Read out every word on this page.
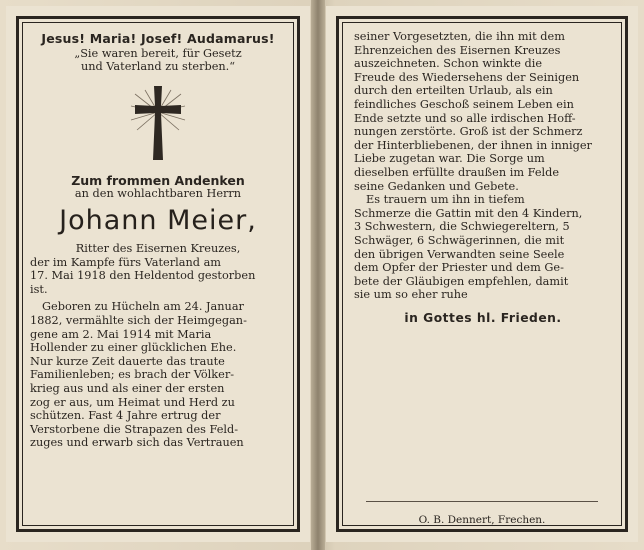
Jesus! Maria! Josef! Audamarus!
„Sie waren bereit, für Gesetz
und Vaterland zu sterben.“
Zum frommen Andenken
an den wohlachtbaren Herrn
Johann Meier,
Ritter des Eisernen Kreuzes,
der im Kampfe fürs Vaterland am
17. Mai 1918 den Heldentod gestorben
ist.
Geboren zu Hücheln am 24. Januar
1882, vermählte sich der Heimgegan-
gene am 2. Mai 1914 mit Maria
Hollender zu einer glücklichen Ehe.
Nur kurze Zeit dauerte das traute
Familienleben; es brach der Völker-
krieg aus und als einer der ersten
zog er aus, um Heimat und Herd zu
schützen. Fast 4 Jahre ertrug der
Verstorbene die Strapazen des Feld-
zuges und erwarb sich das Vertrauen
seiner Vorgesetzten, die ihn mit dem
Ehrenzeichen des Eisernen Kreuzes
auszeichneten. Schon winkte die
Freude des Wiedersehens der Seinigen
durch den erteilten Urlaub, als ein
feindliches Geschoß seinem Leben ein
Ende setzte und so alle irdischen Hoff-
nungen zerstörte. Groß ist der Schmerz
der Hinterbliebenen, der ihnen in inniger
Liebe zugetan war. Die Sorge um
dieselben erfüllte draußen im Felde
seine Gedanken und Gebete.
Es trauern um ihn in tiefem
Schmerze die Gattin mit den 4 Kindern,
3 Schwestern, die Schwiegereltern, 5
Schwäger, 6 Schwägerinnen, die mit
den übrigen Verwandten seine Seele
dem Opfer der Priester und dem Ge-
bete der Gläubigen empfehlen, damit
sie um so eher ruhe
in Gottes hl. Frieden.
O. B. Dennert, Frechen.
